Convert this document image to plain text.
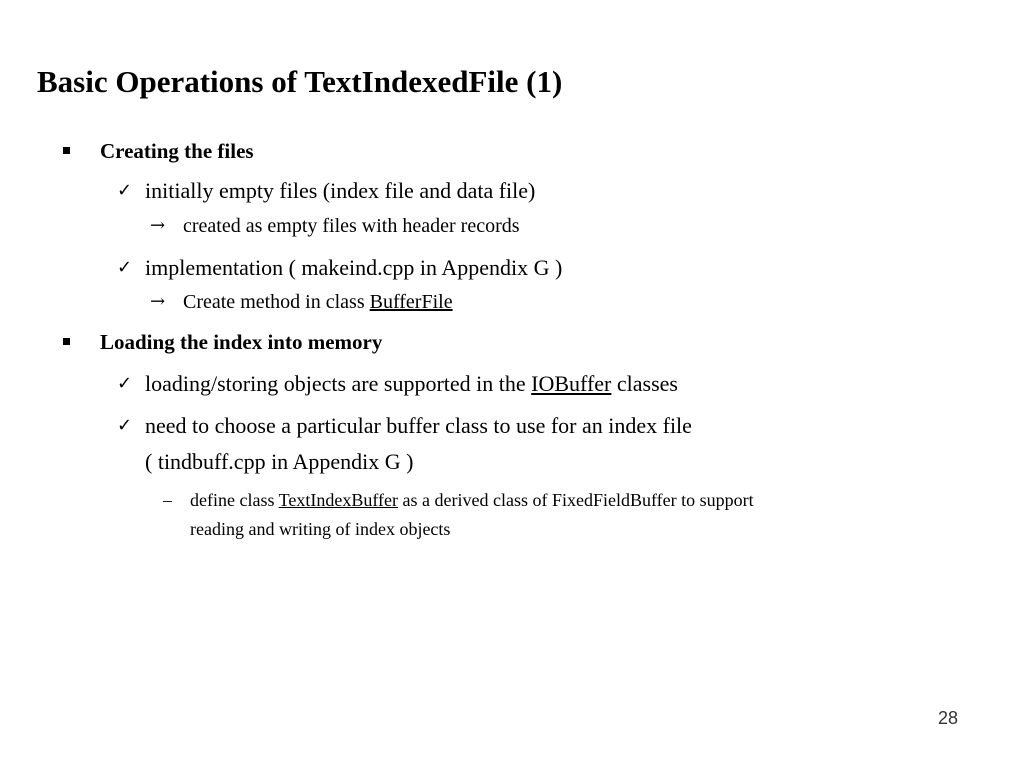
Basic Operations of TextIndexedFile (1)
Creating the files
✓ initially empty files (index file and data file)
→ created as empty files with header records
✓ implementation ( makeind.cpp in Appendix G )
→ Create method in class BufferFile
Loading the index into memory
✓ loading/storing objects are supported in the IOBuffer classes
✓ need to choose a particular buffer class to use for an index file
( tindbuff.cpp in Appendix G )
– define class TextIndexBuffer as a derived class of FixedFieldBuffer to support
reading and writing of index objects
28
